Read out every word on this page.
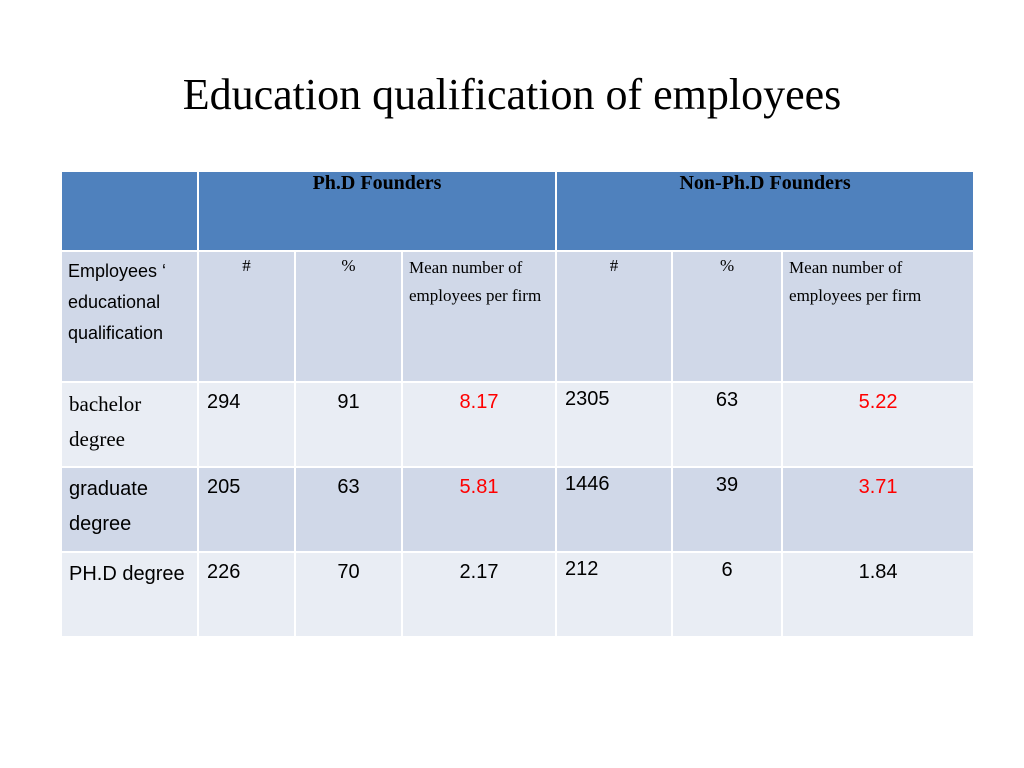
Education qualification of employees
	Ph.D Founders			Non-Ph.D Founders		
Employees ‘ educational qualification	#	%	Mean number of employees per firm	#	%	Mean number of employees per firm
bachelor degree	294	91	8.17	2305	63	5.22
graduate degree	205	63	5.81	1446	39	3.71
PH.D degree	226	70	2.17	212	6	1.84
